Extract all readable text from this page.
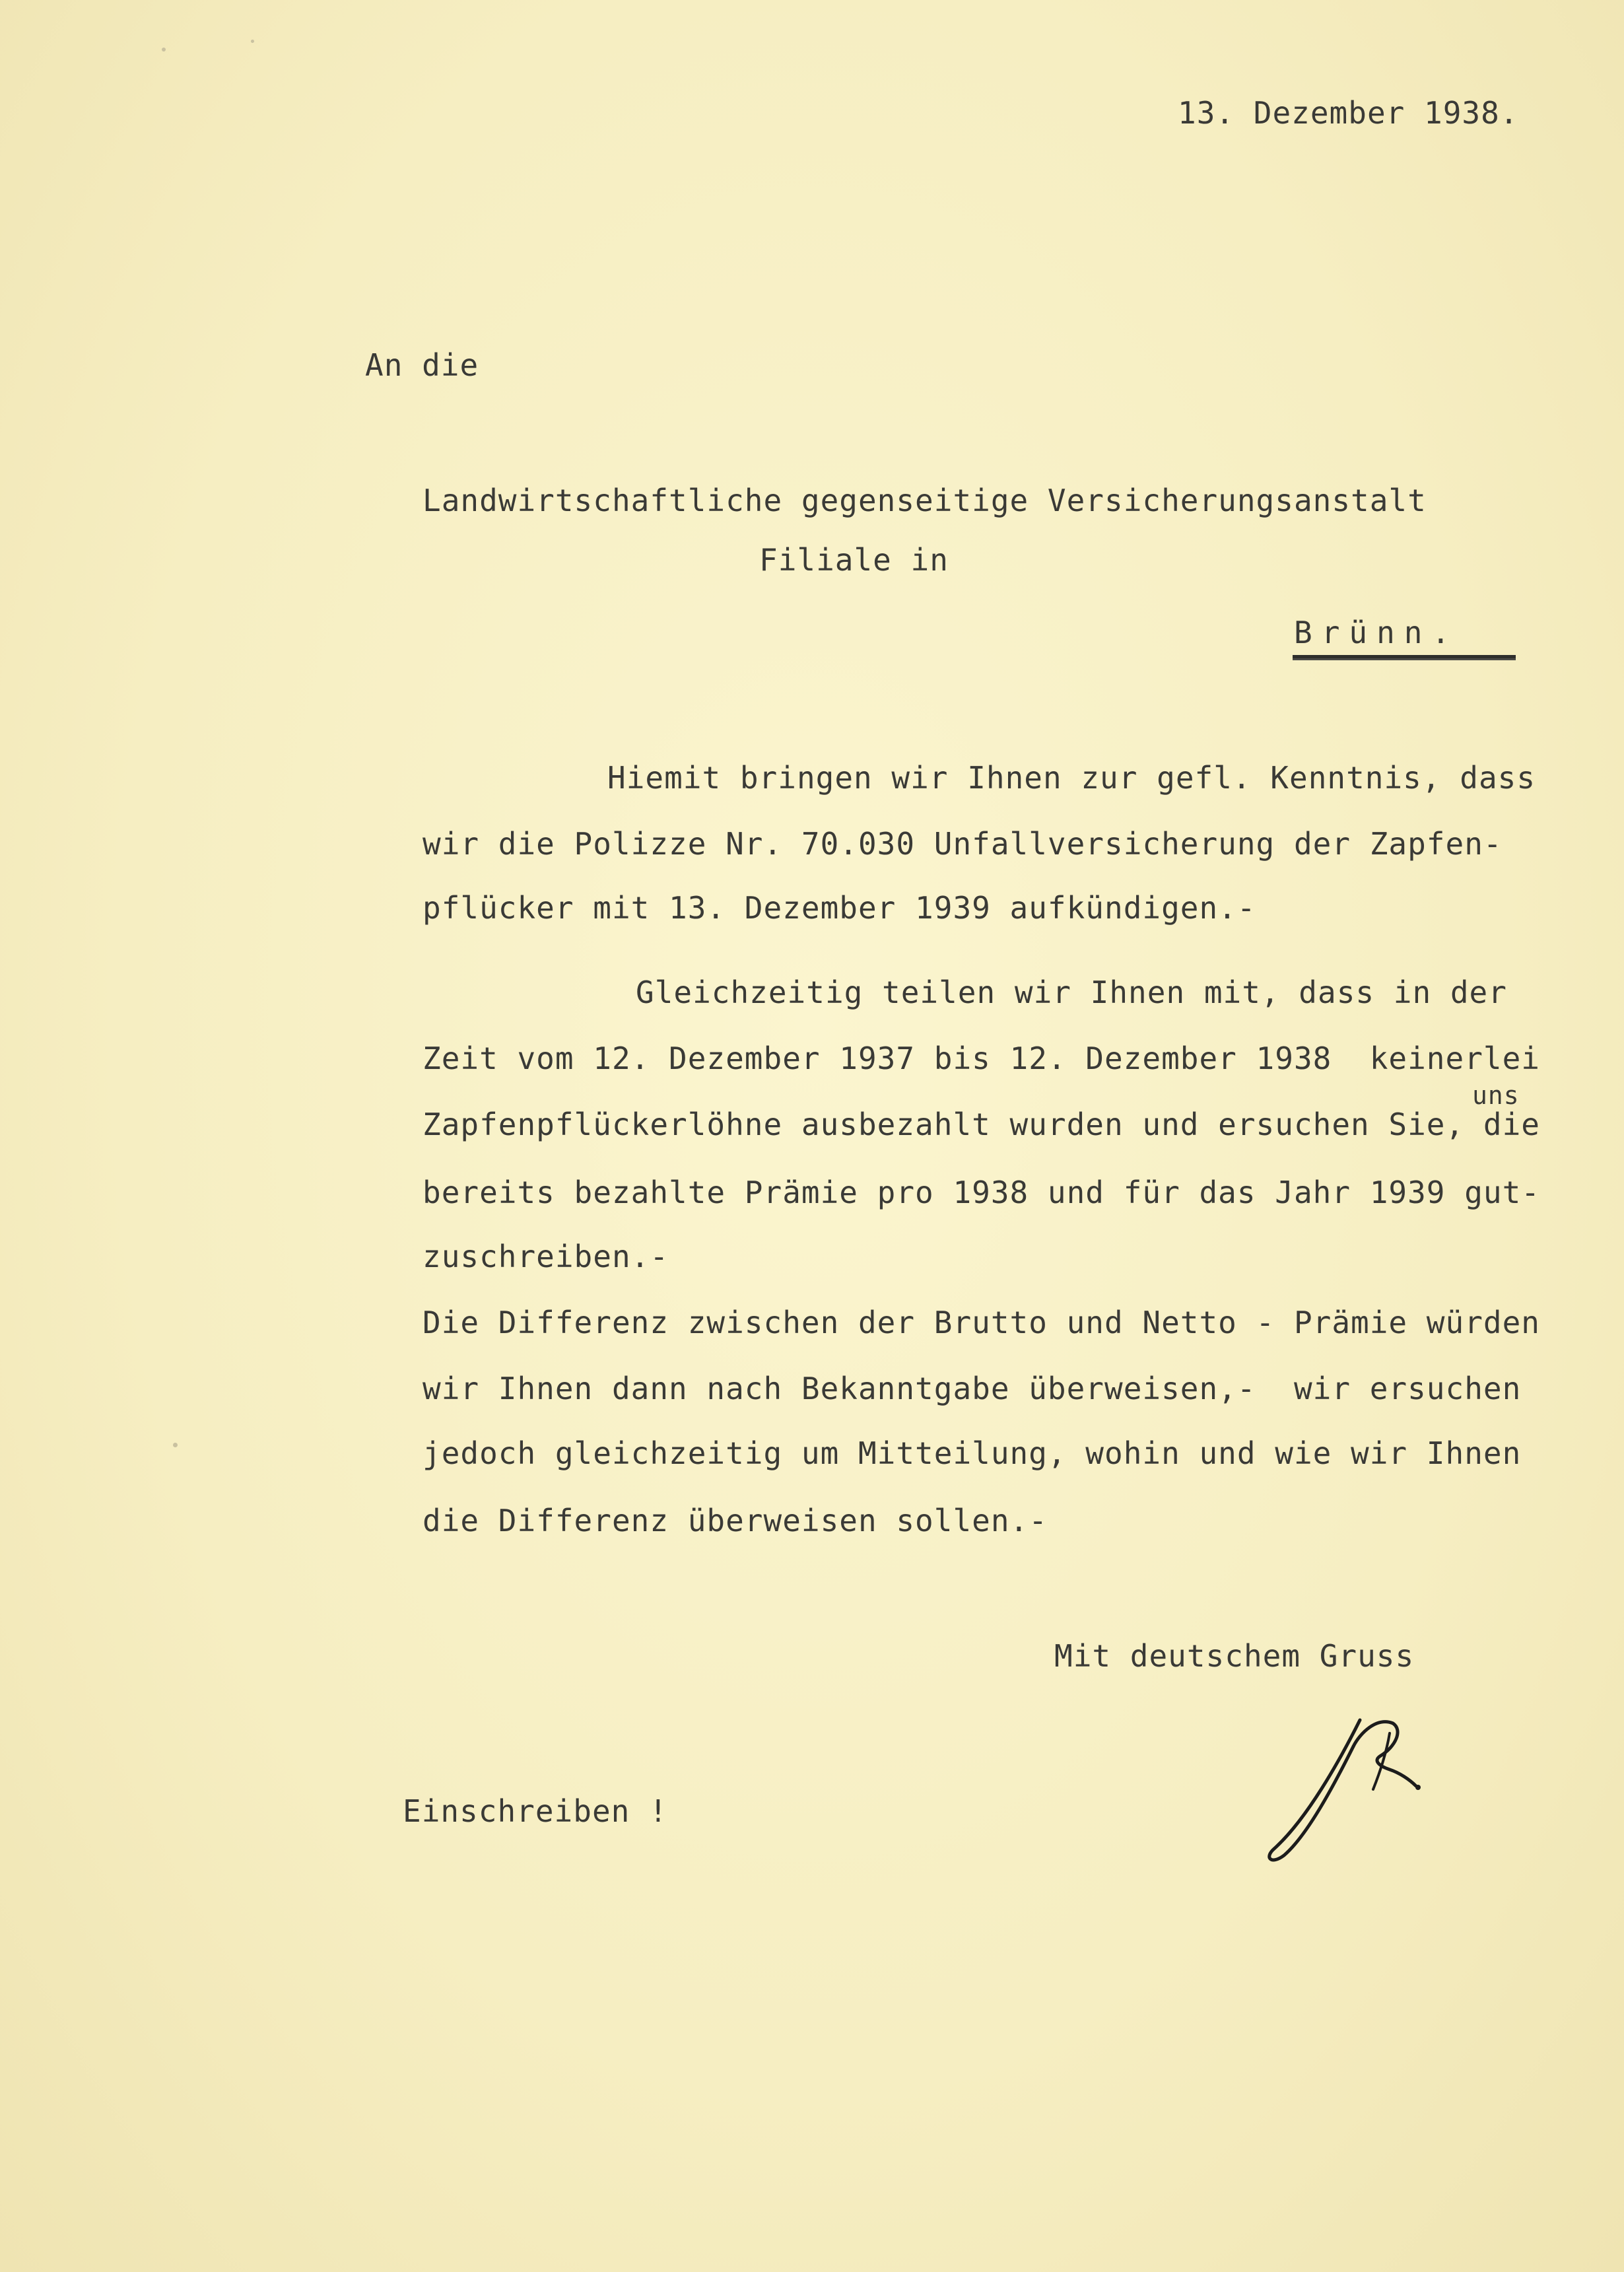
13. Dezember 1938.
An die
Landwirtschaftliche gegenseitige Versicherungsanstalt
Filiale in
Brünn.
Hiemit bringen wir Ihnen zur gefl. Kenntnis, dass
wir die Polizze Nr. 70.030 Unfallversicherung der Zapfen-
pflücker mit 13. Dezember 1939 aufkündigen.-
Gleichzeitig teilen wir Ihnen mit, dass in der
Zeit vom 12. Dezember 1937 bis 12. Dezember 1938  keinerlei
uns
Zapfenpflückerlöhne ausbezahlt wurden und ersuchen Sie, die
bereits bezahlte Prämie pro 1938 und für das Jahr 1939 gut-
zuschreiben.-
Die Differenz zwischen der Brutto und Netto - Prämie würden
wir Ihnen dann nach Bekanntgabe überweisen,-  wir ersuchen
jedoch gleichzeitig um Mitteilung, wohin und wie wir Ihnen
die Differenz überweisen sollen.-
Mit deutschem Gruss
Einschreiben !
